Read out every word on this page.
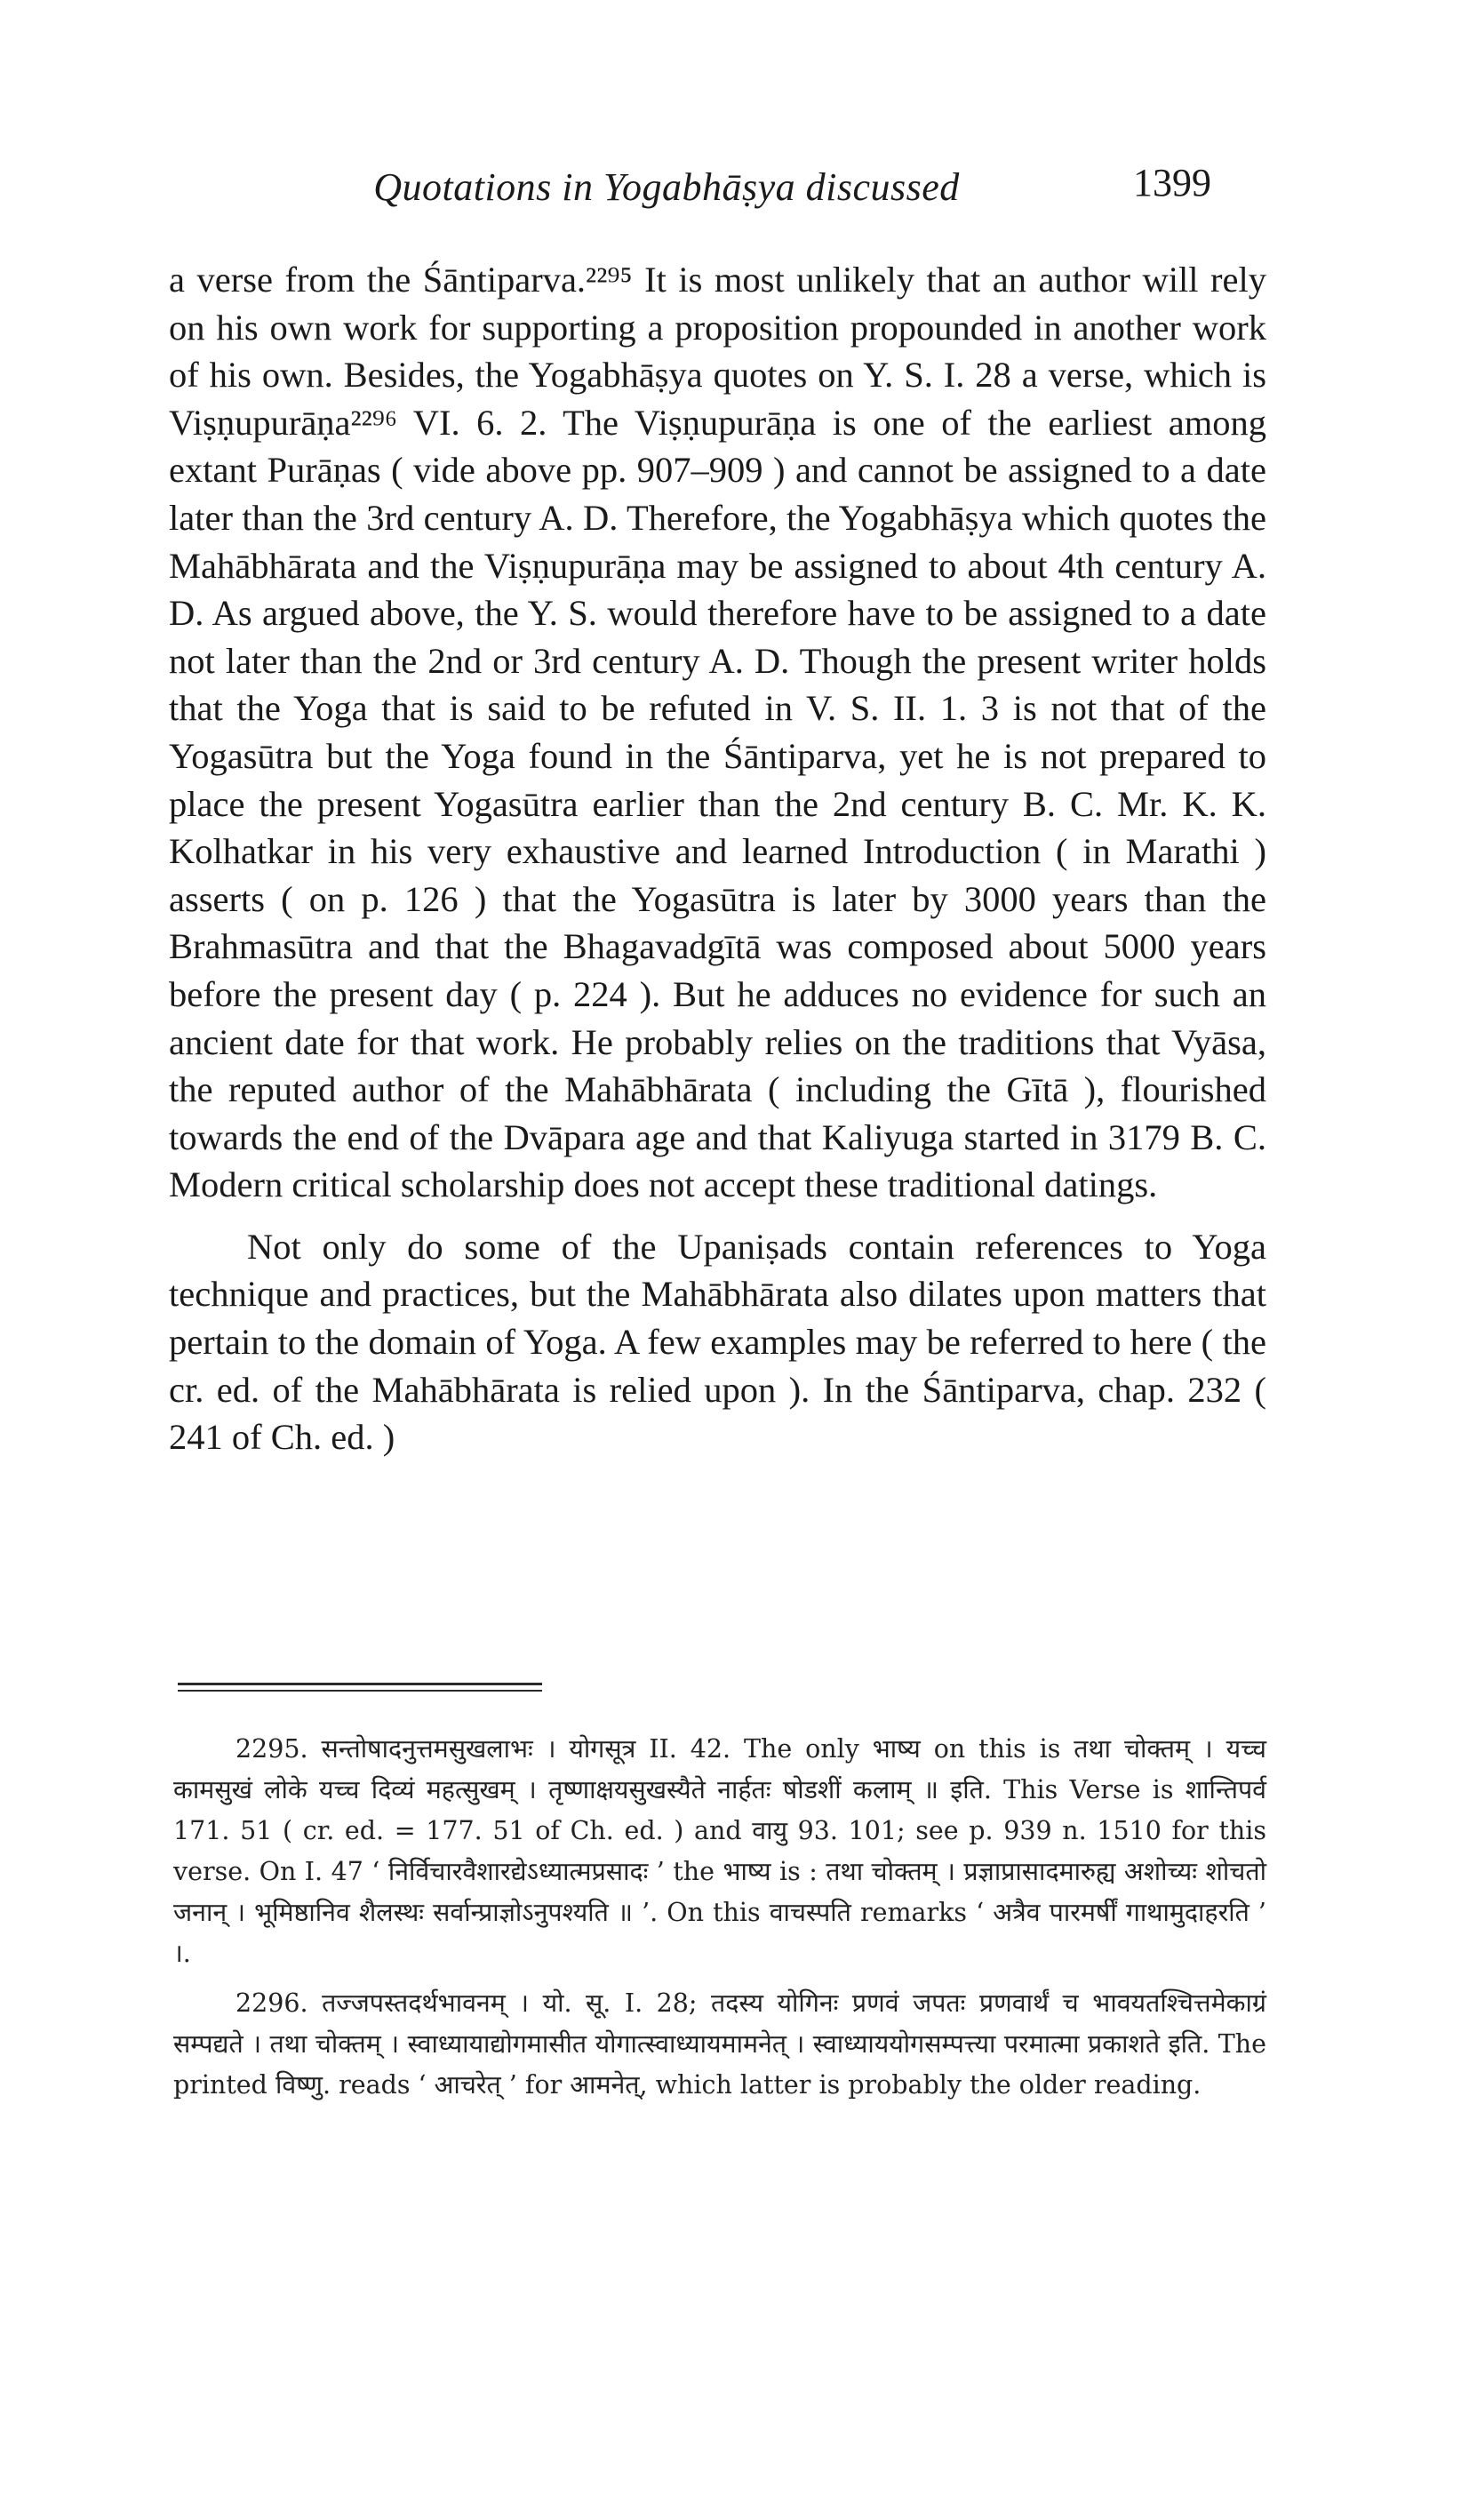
Quotations in Yogabhāṣya discussed	1399

a verse from the Śāntiparva.²²⁹⁵ It is most unlikely that an author will rely on his own work for supporting a proposition propounded in another work of his own. Besides, the Yogabhāṣya quotes on Y. S. I. 28 a verse, which is Viṣṇupurāṇa²²⁹⁶ VI. 6. 2. The Viṣṇupurāṇa is one of the earliest among extant Purāṇas ( vide above pp. 907–909 ) and cannot be assigned to a date later than the 3rd century A. D. Therefore, the Yogabhāṣya which quotes the Mahābhārata and the Viṣṇupurāṇa may be assigned to about 4th century A. D. As argued above, the Y. S. would therefore have to be assigned to a date not later than the 2nd or 3rd century A. D. Though the present writer holds that the Yoga that is said to be refuted in V. S. II. 1. 3 is not that of the Yogasūtra but the Yoga found in the Śāntiparva, yet he is not prepared to place the present Yogasūtra earlier than the 2nd century B. C. Mr. K. K. Kolhatkar in his very exhaustive and learned Introduction ( in Marathi ) asserts ( on p. 126 ) that the Yogasūtra is later by 3000 years than the Brahmasūtra and that the Bhagavadgītā was composed about 5000 years before the present day ( p. 224 ). But he adduces no evidence for such an ancient date for that work. He probably relies on the traditions that Vyāsa, the reputed author of the Mahābhārata ( including the Gītā ), flourished towards the end of the Dvāpara age and that Kaliyuga started in 3179 B. C. Modern critical scholarship does not accept these traditional datings.

Not only do some of the Upaniṣads contain references to Yoga technique and practices, but the Mahābhārata also dilates upon matters that pertain to the domain of Yoga. A few examples may be referred to here ( the cr. ed. of the Mahābhārata is relied upon ). In the Śāntiparva, chap. 232 ( 241 of Ch. ed. )

2295. सन्तोषादनुत्तमसुखलाभः । योगसूत्र II. 42. The only भाष्य on this is तथा चोक्तम् । यच्च कामसुखं लोके यच्च दिव्यं महत्सुखम् । तृष्णाक्षयसुखस्यैते नार्हतः षोडशीं कलाम् ॥ इति. This Verse is शान्तिपर्व 171. 51 ( cr. ed. = 177. 51 of Ch. ed. ) and वायु 93. 101; see p. 939 n. 1510 for this verse. On I. 47 ‘ निर्विचारवैशारद्येऽध्यात्मप्रसादः ’ the भाष्य is : तथा चोक्तम् । प्रज्ञाप्रासादमारुह्य अशोच्यः शोचतो जनान् । भूमिष्ठानिव शैलस्थः सर्वान्प्राज्ञोऽनुपश्यति ॥ ’. On this वाचस्पति remarks ‘ अत्रैव पारमर्षीं गाथामुदाहरति ’ ।.

2296. तज्जपस्तदर्थभावनम् । यो. सू. I. 28; तदस्य योगिनः प्रणवं जपतः प्रणवार्थं च भावयतश्चित्तमेकाग्रं सम्पद्यते । तथा चोक्तम् । स्वाध्यायाद्योगमासीत योगात्स्वाध्यायमामनेत् । स्वाध्याययोगसम्पत्त्या परमात्मा प्रकाशते इति. The printed विष्णु. reads ‘ आचरेत् ’ for आमनेत्, which latter is probably the older reading.
